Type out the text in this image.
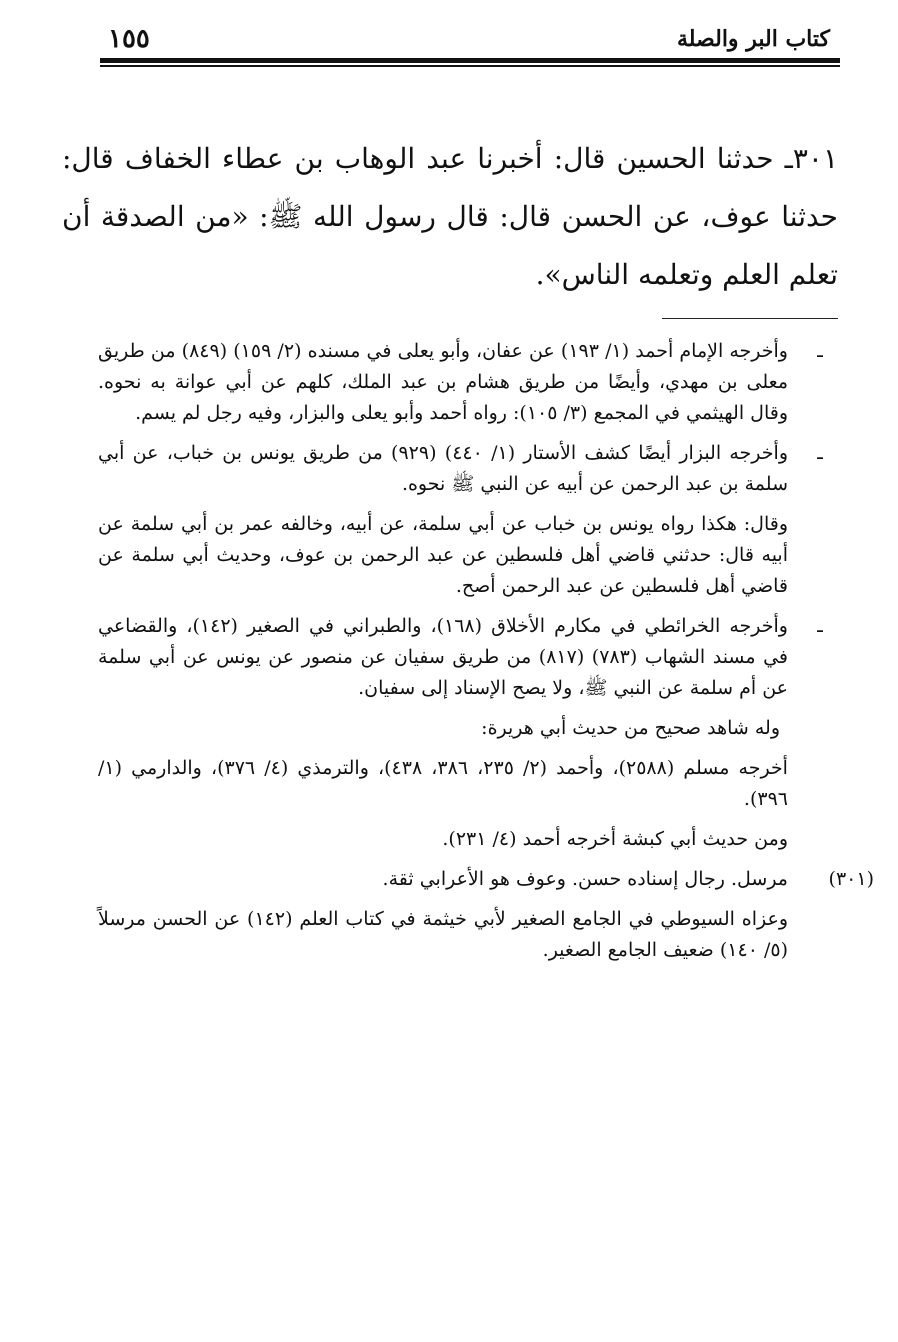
كتاب البر والصلة
١٥٥
٣٠١ـ حدثنا الحسين قال: أخبرنا عبد الوهاب بن عطاء الخفاف قال: حدثنا عوف، عن الحسن قال: قال رسول الله ﷺ: «من الصدقة أن تعلم العلم وتعلمه الناس».
ـ
وأخرجه الإمام أحمد (١/ ١٩٣) عن عفان، وأبو يعلى في مسنده (٢/ ١٥٩) (٨٤٩) من طريق معلى بن مهدي، وأيضًا من طريق هشام بن عبد الملك، كلهم عن أبي عوانة به نحوه. وقال الهيثمي في المجمع (٣/ ١٠٥): رواه أحمد وأبو يعلى والبزار، وفيه رجل لم يسم.
ـ
وأخرجه البزار أيضًا كشف الأستار (١/ ٤٤٠) (٩٢٩) من طريق يونس بن خباب، عن أبي سلمة بن عبد الرحمن عن أبيه عن النبي ﷺ نحوه.
وقال: هكذا رواه يونس بن خباب عن أبي سلمة، عن أبيه، وخالفه عمر بن أبي سلمة عن أبيه قال: حدثني قاضي أهل فلسطين عن عبد الرحمن بن عوف، وحديث أبي سلمة عن قاضي أهل فلسطين عن عبد الرحمن أصح.
ـ
وأخرجه الخرائطي في مكارم الأخلاق (١٦٨)، والطبراني في الصغير (١٤٢)، والقضاعي في مسند الشهاب (٧٨٣) (٨١٧) من طريق سفيان عن منصور عن يونس عن أبي سلمة عن أم سلمة عن النبي ﷺ، ولا يصح الإسناد إلى سفيان.
وله شاهد صحيح من حديث أبي هريرة:
أخرجه مسلم (٢٥٨٨)، وأحمد (٢/ ٢٣٥، ٣٨٦، ٤٣٨)، والترمذي (٤/ ٣٧٦)، والدارمي (١/ ٣٩٦).
ومن حديث أبي كبشة أخرجه أحمد (٤/ ٢٣١).
(٣٠١)
مرسل. رجال إسناده حسن. وعوف هو الأعرابي ثقة.
وعزاه السيوطي في الجامع الصغير لأبي خيثمة في كتاب العلم (١٤٢) عن الحسن مرسلاً (٥/ ١٤٠) ضعيف الجامع الصغير.
